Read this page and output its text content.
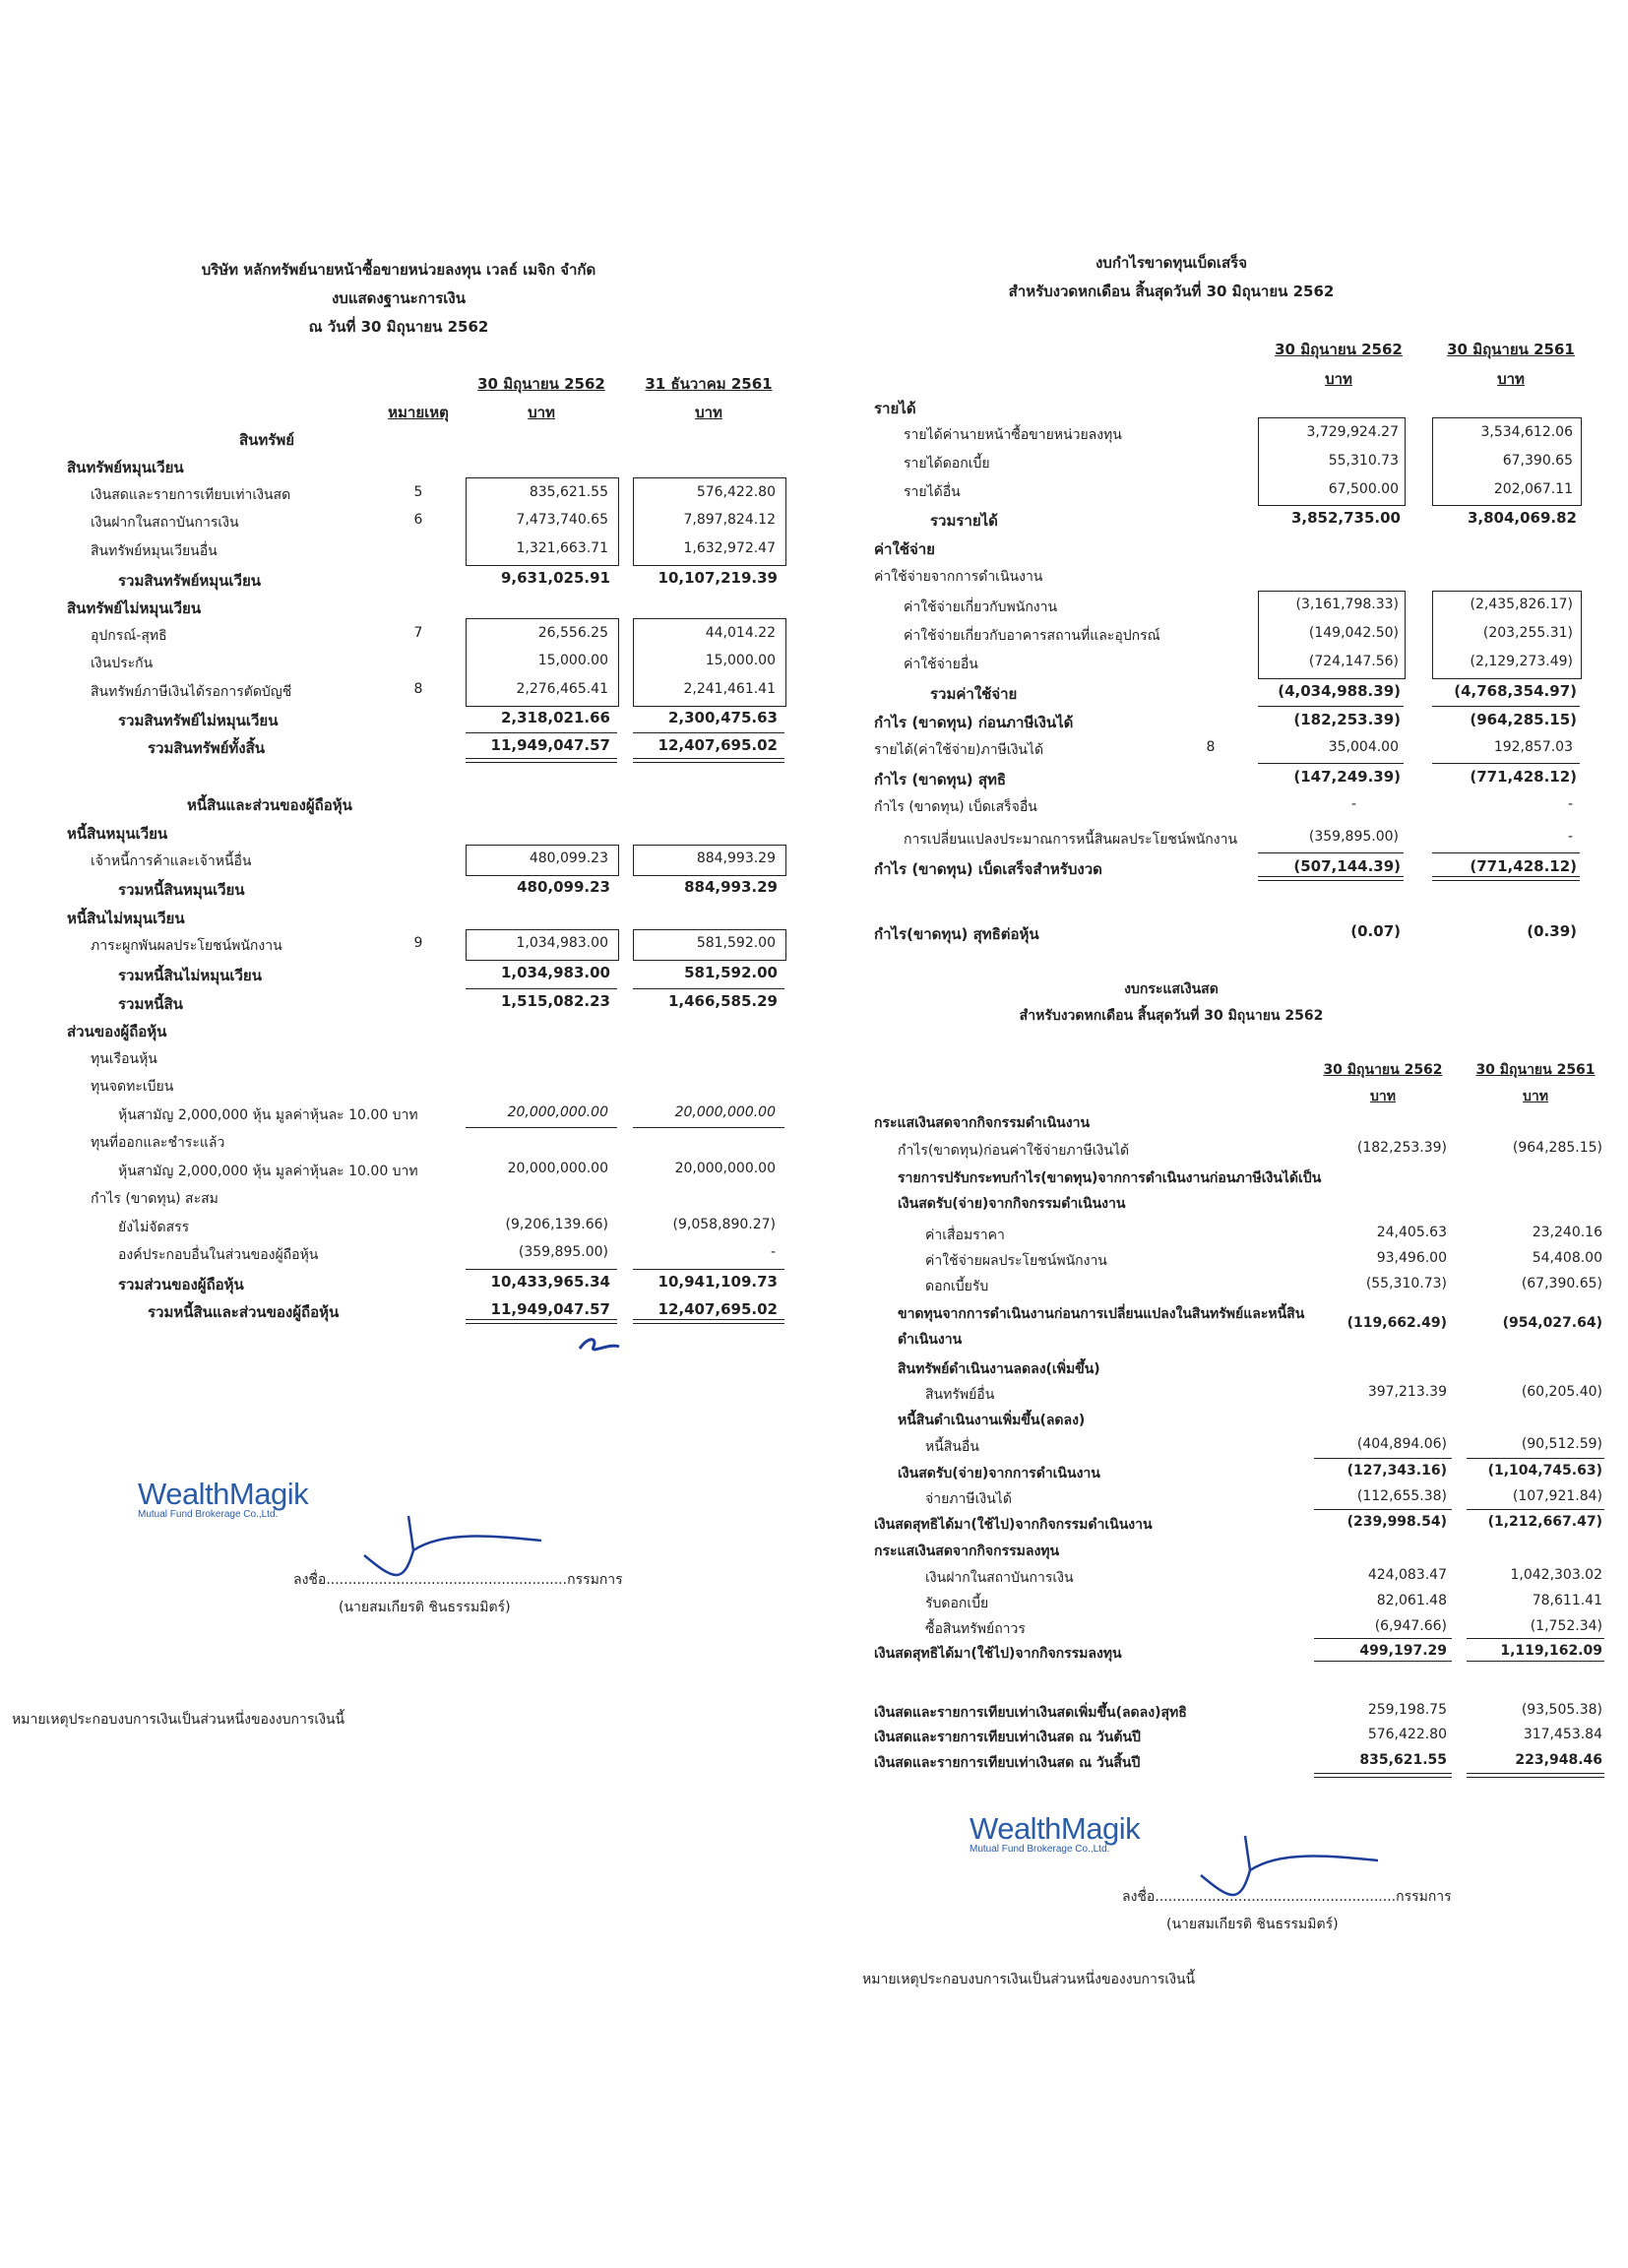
บริษัท หลักทรัพย์นายหน้าซื้อขายหน่วยลงทุน เวลธ์ เมจิก จำกัด
งบแสดงฐานะการเงิน
ณ วันที่ 30 มิถุนายน 2562
30 มิถุนายน 2562	31 ธันวาคม 2561
หมายเหตุ	บาท	บาท
สินทรัพย์
สินทรัพย์หมุนเวียน
เงินสดและรายการเทียบเท่าเงินสด	5	835,621.55	576,422.80
เงินฝากในสถาบันการเงิน	6	7,473,740.65	7,897,824.12
สินทรัพย์หมุนเวียนอื่น	1,321,663.71	1,632,972.47
รวมสินทรัพย์หมุนเวียน	9,631,025.91	10,107,219.39
สินทรัพย์ไม่หมุนเวียน
อุปกรณ์-สุทธิ	7	26,556.25	44,014.22
เงินประกัน	15,000.00	15,000.00
สินทรัพย์ภาษีเงินได้รอการตัดบัญชี	8	2,276,465.41	2,241,461.41
รวมสินทรัพย์ไม่หมุนเวียน	2,318,021.66	2,300,475.63
รวมสินทรัพย์ทั้งสิ้น	11,949,047.57	12,407,695.02
หนี้สินและส่วนของผู้ถือหุ้น
หนี้สินหมุนเวียน
เจ้าหนี้การค้าและเจ้าหนี้อื่น	480,099.23	884,993.29
รวมหนี้สินหมุนเวียน	480,099.23	884,993.29
หนี้สินไม่หมุนเวียน
ภาระผูกพันผลประโยชน์พนักงาน	9	1,034,983.00	581,592.00
รวมหนี้สินไม่หมุนเวียน	1,034,983.00	581,592.00
รวมหนี้สิน	1,515,082.23	1,466,585.29
ส่วนของผู้ถือหุ้น
ทุนเรือนหุ้น
ทุนจดทะเบียน
หุ้นสามัญ 2,000,000 หุ้น มูลค่าหุ้นละ 10.00 บาท	20,000,000.00	20,000,000.00
ทุนที่ออกและชำระแล้ว
หุ้นสามัญ 2,000,000 หุ้น มูลค่าหุ้นละ 10.00 บาท	20,000,000.00	20,000,000.00
กำไร (ขาดทุน) สะสม
ยังไม่จัดสรร	(9,206,139.66)	(9,058,890.27)
องค์ประกอบอื่นในส่วนของผู้ถือหุ้น	(359,895.00)	-
รวมส่วนของผู้ถือหุ้น	10,433,965.34	10,941,109.73
รวมหนี้สินและส่วนของผู้ถือหุ้น	11,949,047.57	12,407,695.02
WealthMagik
Mutual Fund Brokerage Co.,Ltd.
ลงชื่อ.......................................................กรรมการ
(นายสมเกียรติ ชินธรรมมิตร์)
หมายเหตุประกอบงบการเงินเป็นส่วนหนึ่งของงบการเงินนี้
งบกำไรขาดทุนเบ็ดเสร็จ
สำหรับงวดหกเดือน สิ้นสุดวันที่ 30 มิถุนายน 2562
30 มิถุนายน 2562	30 มิถุนายน 2561
บาท	บาท
รายได้
รายได้ค่านายหน้าซื้อขายหน่วยลงทุน	3,729,924.27	3,534,612.06
รายได้ดอกเบี้ย	55,310.73	67,390.65
รายได้อื่น	67,500.00	202,067.11
รวมรายได้	3,852,735.00	3,804,069.82
ค่าใช้จ่าย
ค่าใช้จ่ายจากการดำเนินงาน
ค่าใช้จ่ายเกี่ยวกับพนักงาน	(3,161,798.33)	(2,435,826.17)
ค่าใช้จ่ายเกี่ยวกับอาคารสถานที่และอุปกรณ์	(149,042.50)	(203,255.31)
ค่าใช้จ่ายอื่น	(724,147.56)	(2,129,273.49)
รวมค่าใช้จ่าย	(4,034,988.39)	(4,768,354.97)
กำไร (ขาดทุน) ก่อนภาษีเงินได้	(182,253.39)	(964,285.15)
รายได้(ค่าใช้จ่าย)ภาษีเงินได้	8	35,004.00	192,857.03
กำไร (ขาดทุน) สุทธิ	(147,249.39)	(771,428.12)
กำไร (ขาดทุน) เบ็ดเสร็จอื่น	-	-
การเปลี่ยนแปลงประมาณการหนี้สินผลประโยชน์พนักงาน	(359,895.00)	-
กำไร (ขาดทุน) เบ็ดเสร็จสำหรับงวด	(507,144.39)	(771,428.12)
กำไร(ขาดทุน) สุทธิต่อหุ้น	(0.07)	(0.39)
งบกระแสเงินสด
สำหรับงวดหกเดือน สิ้นสุดวันที่ 30 มิถุนายน 2562
30 มิถุนายน 2562	30 มิถุนายน 2561
บาท	บาท
กระแสเงินสดจากกิจกรรมดำเนินงาน
กำไร(ขาดทุน)ก่อนค่าใช้จ่ายภาษีเงินได้	(182,253.39)	(964,285.15)
รายการปรับกระทบกำไร(ขาดทุน)จากการดำเนินงานก่อนภาษีเงินได้เป็น
เงินสดรับ(จ่าย)จากกิจกรรมดำเนินงาน
ค่าเสื่อมราคา	24,405.63	23,240.16
ค่าใช้จ่ายผลประโยชน์พนักงาน	93,496.00	54,408.00
ดอกเบี้ยรับ	(55,310.73)	(67,390.65)
ขาดทุนจากการดำเนินงานก่อนการเปลี่ยนแปลงในสินทรัพย์และหนี้สิน
ดำเนินงาน
(119,662.49)	(954,027.64)
สินทรัพย์ดำเนินงานลดลง(เพิ่มขึ้น)
สินทรัพย์อื่น	397,213.39	(60,205.40)
หนี้สินดำเนินงานเพิ่มขึ้น(ลดลง)
หนี้สินอื่น	(404,894.06)	(90,512.59)
เงินสดรับ(จ่าย)จากการดำเนินงาน	(127,343.16)	(1,104,745.63)
จ่ายภาษีเงินได้	(112,655.38)	(107,921.84)
เงินสดสุทธิได้มา(ใช้ไป)จากกิจกรรมดำเนินงาน	(239,998.54)	(1,212,667.47)
กระแสเงินสดจากกิจกรรมลงทุน
เงินฝากในสถาบันการเงิน	424,083.47	1,042,303.02
รับดอกเบี้ย	82,061.48	78,611.41
ซื้อสินทรัพย์ถาวร	(6,947.66)	(1,752.34)
เงินสดสุทธิได้มา(ใช้ไป)จากกิจกรรมลงทุน	499,197.29	1,119,162.09
เงินสดและรายการเทียบเท่าเงินสดเพิ่มขึ้น(ลดลง)สุทธิ	259,198.75	(93,505.38)
เงินสดและรายการเทียบเท่าเงินสด ณ วันต้นปี	576,422.80	317,453.84
เงินสดและรายการเทียบเท่าเงินสด ณ วันสิ้นปี	835,621.55	223,948.46
WealthMagik
Mutual Fund Brokerage Co.,Ltd.
ลงชื่อ.......................................................กรรมการ
(นายสมเกียรติ ชินธรรมมิตร์)
หมายเหตุประกอบงบการเงินเป็นส่วนหนึ่งของงบการเงินนี้
